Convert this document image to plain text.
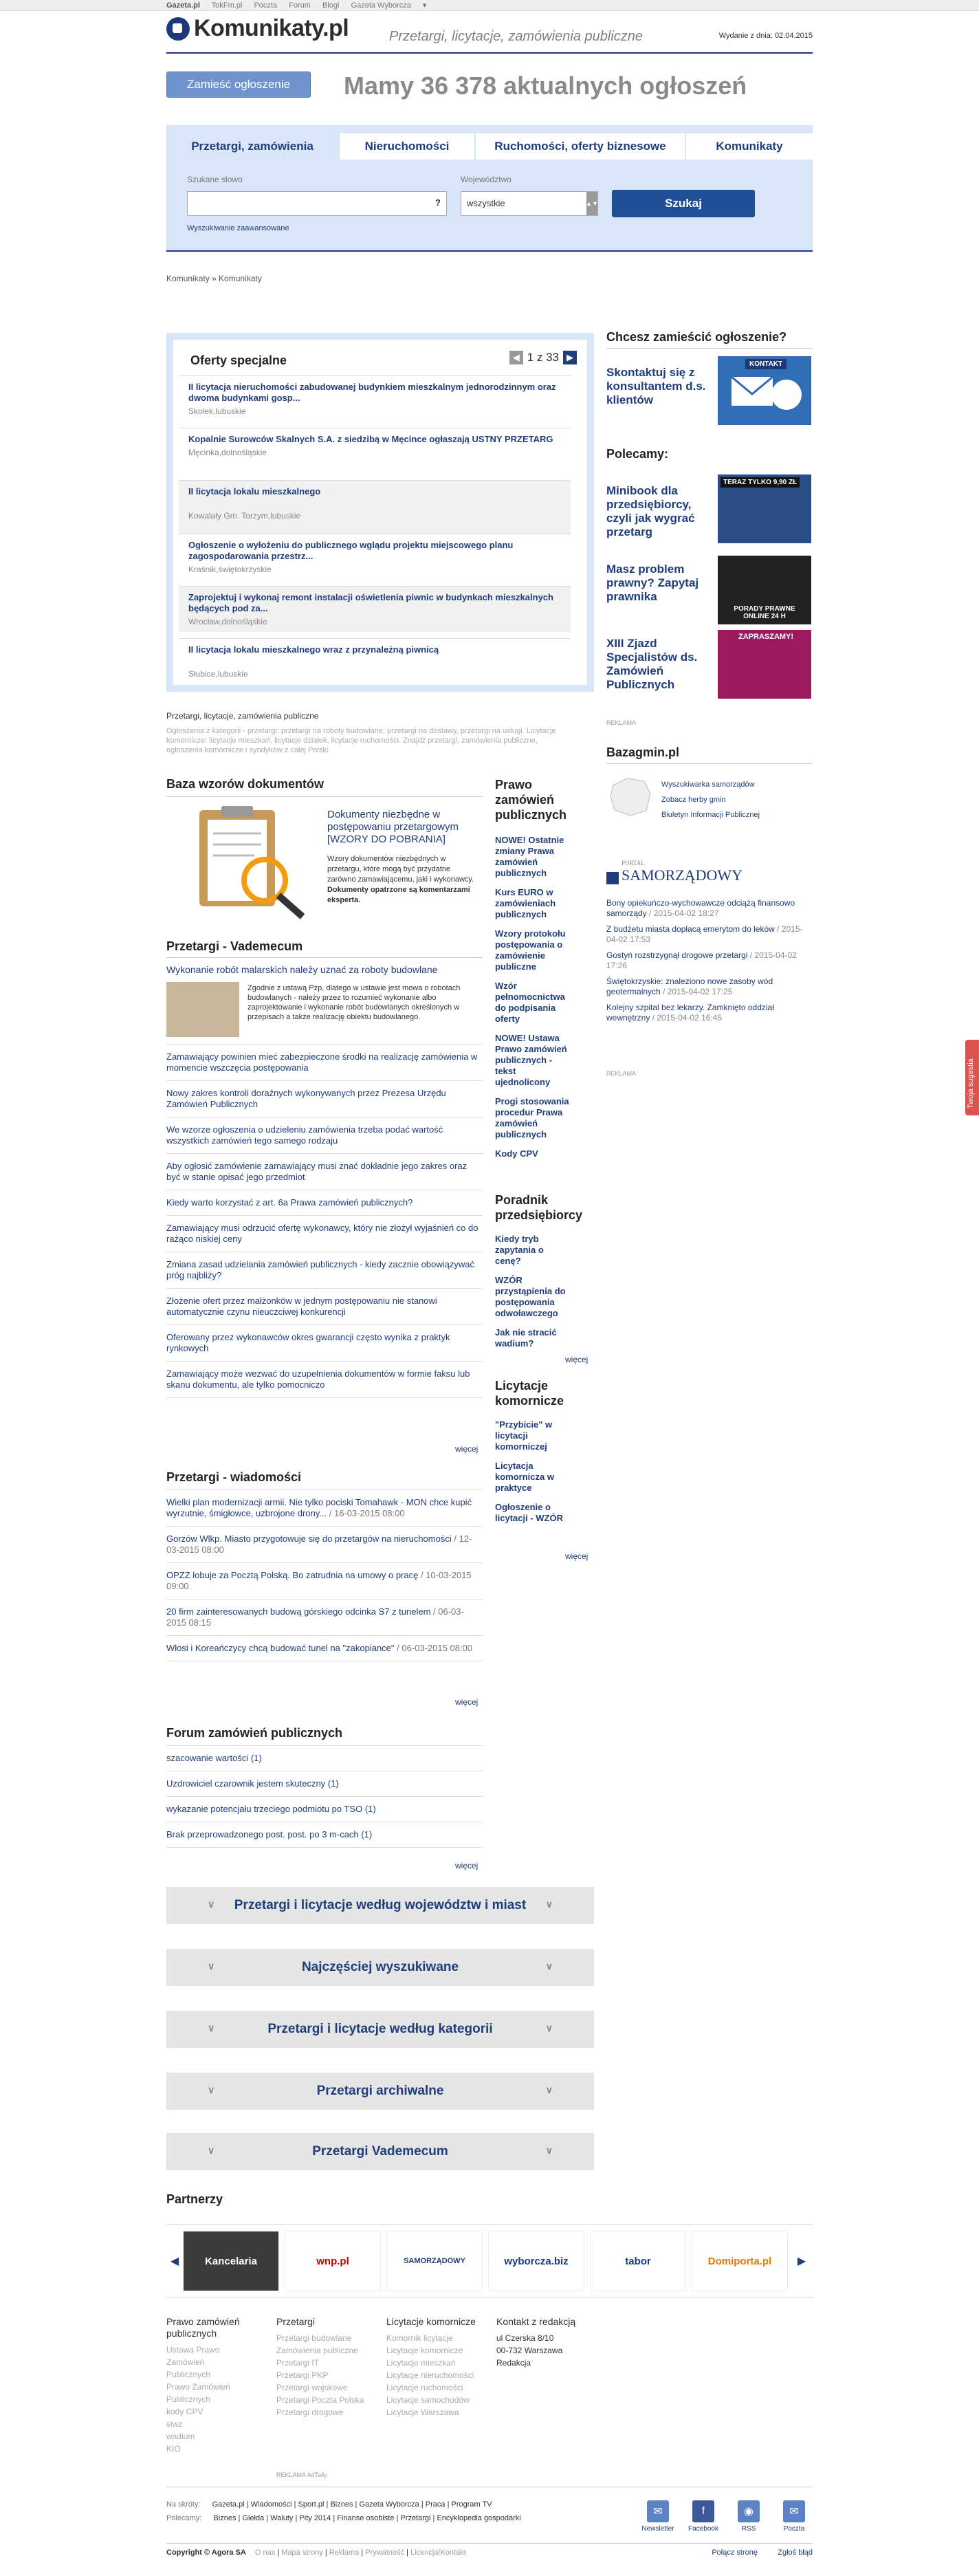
Gazeta.pl TokFm.pl Poczta Forum Blogi Gazeta Wyborcza ▾
Komunikaty.pl	Przetargi, licytacje, zamówienia publiczne	Wydanie z dnia: 02.04.2015
Zamieść ogłoszenie	Mamy 36 378 aktualnych ogłoszeń
Przetargi, zamówienia	Nieruchomości	Ruchomości, oferty biznesowe	Komunikaty
Szukane słowo
?
Województwo
wszystkie	▲▼	Szukaj
Wyszukiwanie zaawansowane
Komunikaty » Komunikaty
Oferty specjalne	◀ 1 z 33 ▶
II licytacja nieruchomości zabudowanej budynkiem mieszkalnym jednorodzinnym oraz dwoma budynkami gosp...
Skołek,lubuskie
Kopalnie Surowców Skalnych S.A. z siedzibą w Męcince ogłaszają USTNY PRZETARG
Męcinka,dolnośląskie
II licytacja lokalu mieszkalnego
Kowalały Gm. Torzym,lubuskie
Ogłoszenie o wyłożeniu do publicznego wglądu projektu miejscowego planu zagospodarowania przestrz...
Kraśnik,świętokrzyskie
Zaprojektuj i wykonaj remont instalacji oświetlenia piwnic w budynkach mieszkalnych będących pod za...
Wrocław,dolnośląskie
II licytacja lokalu mieszkalnego wraz z przynależną piwnicą
Słubice,lubuskie
Przetargi, licytacje, zamówienia publiczne
Ogłoszenia z kategorii - przetargi: przetargi na roboty budowlane, przetargi na dostawy, przetargi na usługi. Licytacje komornicze: licytacje mieszkań, licytacje działek, licytacje ruchomości. Znajdź przetargi, zamówienia publiczne, ogłoszenia komornicze i syndyków z całej Polski.
Baza wzorów dokumentów
Dokumenty niezbędne w postępowaniu przetargowym [WZORY DO POBRANIA]
Wzory dokumentów niezbędnych w przetargu, które mogą być przydatne zarówno zamawiającemu, jaki i wykonawcy. Dokumenty opatrzone są komentarzami eksperta.
Przetargi - Vademecum
Wykonanie robót malarskich należy uznać za roboty budowlane
Zgodnie z ustawą Pzp, dlatego w ustawie jest mowa o robotach budowlanych - należy przez to rozumieć wykonanie albo zaprojektowanie i wykonanie robót budowlanych określonych w przepisach a także realizację obiektu budowlanego.
Zamawiający powinien mieć zabezpieczone środki na realizację zamówienia w momencie wszczęcia postępowania
Nowy zakres kontroli doraźnych wykonywanych przez Prezesa Urzędu Zamówień Publicznych
We wzorze ogłoszenia o udzieleniu zamówienia trzeba podać wartość wszystkich zamówień tego samego rodzaju
Aby ogłosić zamówienie zamawiający musi znać dokładnie jego zakres oraz być w stanie opisać jego przedmiot
Kiedy warto korzystać z art. 6a Prawa zamówień publicznych?
Zamawiający musi odrzucić ofertę wykonawcy, który nie złożył wyjaśnień co do rażąco niskiej ceny
Zmiana zasad udzielania zamówień publicznych - kiedy zacznie obowiązywać próg najbliży?
Złożenie ofert przez małżonków w jednym postępowaniu nie stanowi automatycznie czynu nieuczciwej konkurencji
Oferowany przez wykonawców okres gwarancji często wynika z praktyk rynkowych
Zamawiający może wezwać do uzupełnienia dokumentów w formie faksu lub skanu dokumentu, ale tylko pomocniczo
więcej
Przetargi - wiadomości
Wielki plan modernizacji armii. Nie tylko pociski Tomahawk - MON chce kupić wyrzutnie, śmigłowce, uzbrojone drony... / 16-03-2015 08:00
Gorzów Wlkp. Miasto przygotowuje się do przetargów na nieruchomości / 12-03-2015 08:00
OPZZ lobuje za Pocztą Polską. Bo zatrudnia na umowy o pracę / 10-03-2015 09:00
20 firm zainteresowanych budową górskiego odcinka S7 z tunelem / 06-03-2015 08:15
Włosi i Koreańczycy chcą budować tunel na "zakopiance" / 06-03-2015 08:00
więcej
Forum zamówień publicznych
szacowanie wartości (1)
Uzdrowiciel czarownik jestem skuteczny (1)
wykazanie potencjału trzeciego podmiotu po TSO (1)
Brak przeprowadzonego post. post. po 3 m-cach (1)
więcej
Prawo zamówień publicznych
NOWE! Ostatnie zmiany Prawa zamówień publicznych
Kurs EURO w zamówieniach publicznych
Wzory protokołu postępowania o zamówienie publiczne
Wzór pełnomocnictwa do podpisania oferty
NOWE! Ustawa Prawo zamówień publicznych - tekst ujednolicony
Progi stosowania procedur Prawa zamówień publicznych
Kody CPV
Poradnik przedsiębiorcy
Kiedy tryb zapytania o cenę?
WZÓR przystąpienia do postępowania odwoławczego
Jak nie stracić wadium?
więcej
Licytacje komornicze
"Przybicie" w licytacji komorniczej
Licytacja komornicza w praktyce
Ogłoszenie o licytacji - WZÓR
więcej
∨ Przetargi i licytacje według województw i miast ∨
∨	Najczęściej wyszukiwane	∨
∨	Przetargi i licytacje według kategorii	∨
∨	Przetargi archiwalne	∨
∨	Przetargi Vademecum	∨
Chcesz zamieścić ogłoszenie?
Skontaktuj się z konsultantem d.s. klientów
KONTAKT
Polecamy:
Minibook dla przedsiębiorcy, czyli jak wygrać przetarg
TERAZ TYLKO 9,90 ZŁ
Masz problem prawny? Zapytaj prawnika
PORADY PRAWNE ONLINE 24 H
XIII Zjazd Specjalistów ds. Zamówień Publicznych
ZAPRASZAMY!
REKLAMA
Bazagmin.pl
Wyszukiwarka samorządów
Zobacz herby gmin
Biuletyn Informacji Publicznej
PORTAL
SAMORZĄDOWY
Bony opiekuńczo-wychowawcze odciążą finansowo samorządy / 2015-04-02 18:27
Z budżetu miasta dopłacą emerytom do leków / 2015-04-02 17:53
Gostyń rozstrzygnął drogowe przetargi / 2015-04-02 17:26
Świętokrzyskie: znaleziono nowe zasoby wód geotermalnych / 2015-04-02 17:25
Kolejny szpital bez lekarzy. Zamknięto oddział wewnętrzny / 2015-04-02 16:45
REKLAMA
Partnerzy
◀	Kancelaria	wnp.pl	SAMORZĄDOWY	wyborcza.biz	tabor	Domiporta.pl	▶
Prawo zamówień publicznych
Ustawa Prawo Zamówień Publicznych
Prawo Zamówień Publicznych
kody CPV
siwz
wadium
KIO
Przetargi
Przetargi budowlane
Zamówienia publiczne
Przetargi IT
Przetargi PKP
Przetargi wojskowe
Przetargi Poczta Polska
Przetargi drogowe
Licytacje komornicze
Komornik licytacje
Licytacje komornicze
Licytacje mieszkań
Licytacje nieruchomości
Licytacje ruchomości
Licytacje samochodów
Licytacje Warszawa
Kontakt z redakcją
ul Czerska 8/10
00-732 Warszawa
Redakcja
REKLAMA AdTaily
Na skróty: Gazeta.pl | Wiadomości | Sport.pl | Biznes | Gazeta Wyborcza | Praca | Program TV
Polecamy: Biznes | Giełda | Waluty | Pity 2014 | Finanse osobiste | Przetargi | Encyklopedia gospodarki
✉
Newsletter
f
Facebook
◉
RSS
✉
Poczta
Copyright © Agora SA O nas | Mapa strony | Reklama | Prywatność | Licencja/Kontakt	Połącz stronę	Zgłoś błąd
Twoja sugestia
